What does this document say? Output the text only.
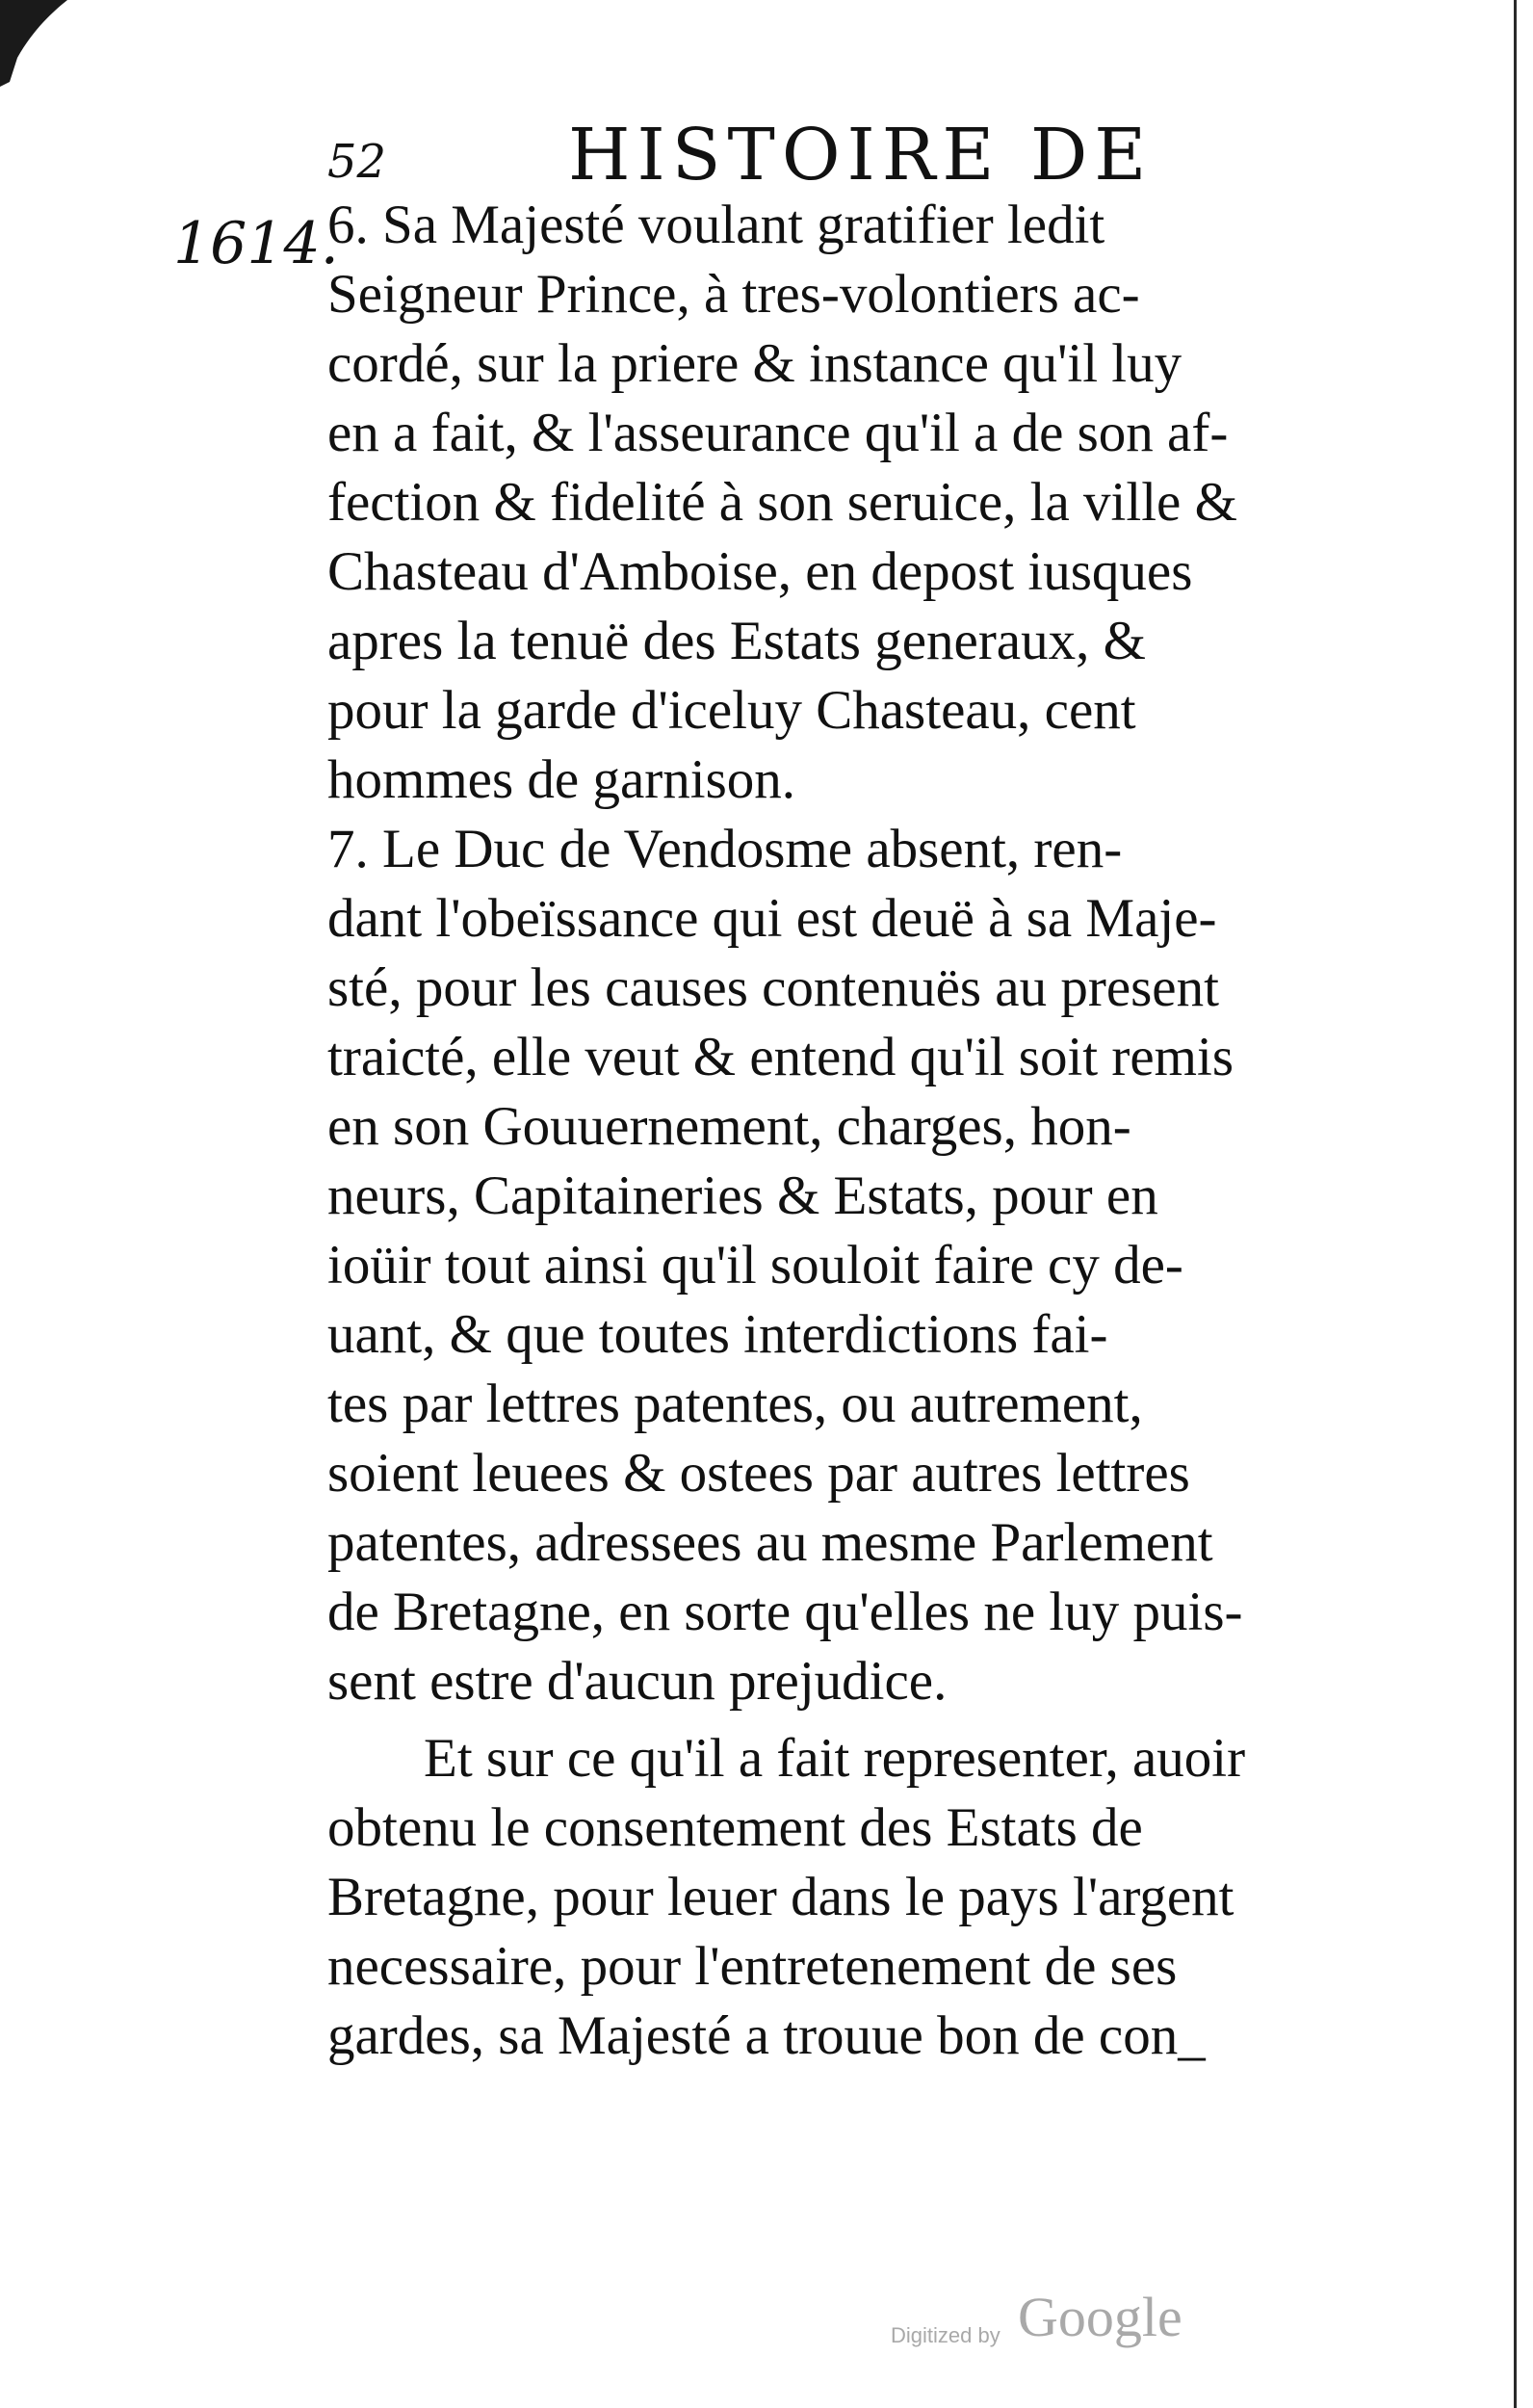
52	HISTOIRE DE
1614.

6. Sa Majesté voulant gratifier ledit
Seigneur Prince, à tres-volontiers ac-
cordé, sur la priere & instance qu'il luy
en a fait, & l'asseurance qu'il a de son af-
fection & fidelité à son seruice, la ville &
Chasteau d'Amboise, en depost iusques
apres la tenuë des Estats generaux, &
pour la garde d'iceluy Chasteau, cent
hommes de garnison.

7. Le Duc de Vendosme absent, ren-
dant l'obeïssance qui est deuë à sa Maje-
sté, pour les causes contenuës au present
traicté, elle veut & entend qu'il soit remis
en son Gouuernement, charges, hon-
neurs, Capitaineries & Estats, pour en
ioüir tout ainsi qu'il souloit faire cy de-
uant, & que toutes interdictions fai-
tes par lettres patentes, ou autrement,
soient leuees & ostees par autres lettres
patentes, adressees au mesme Parlement
de Bretagne, en sorte qu'elles ne luy puis-
sent estre d'aucun prejudice.

Et sur ce qu'il a fait representer, auoir
obtenu le consentement des Estats de
Bretagne, pour leuer dans le pays l'argent
necessaire, pour l'entretenement de ses
gardes, sa Majesté a trouue bon de con_

Digitized by Google
